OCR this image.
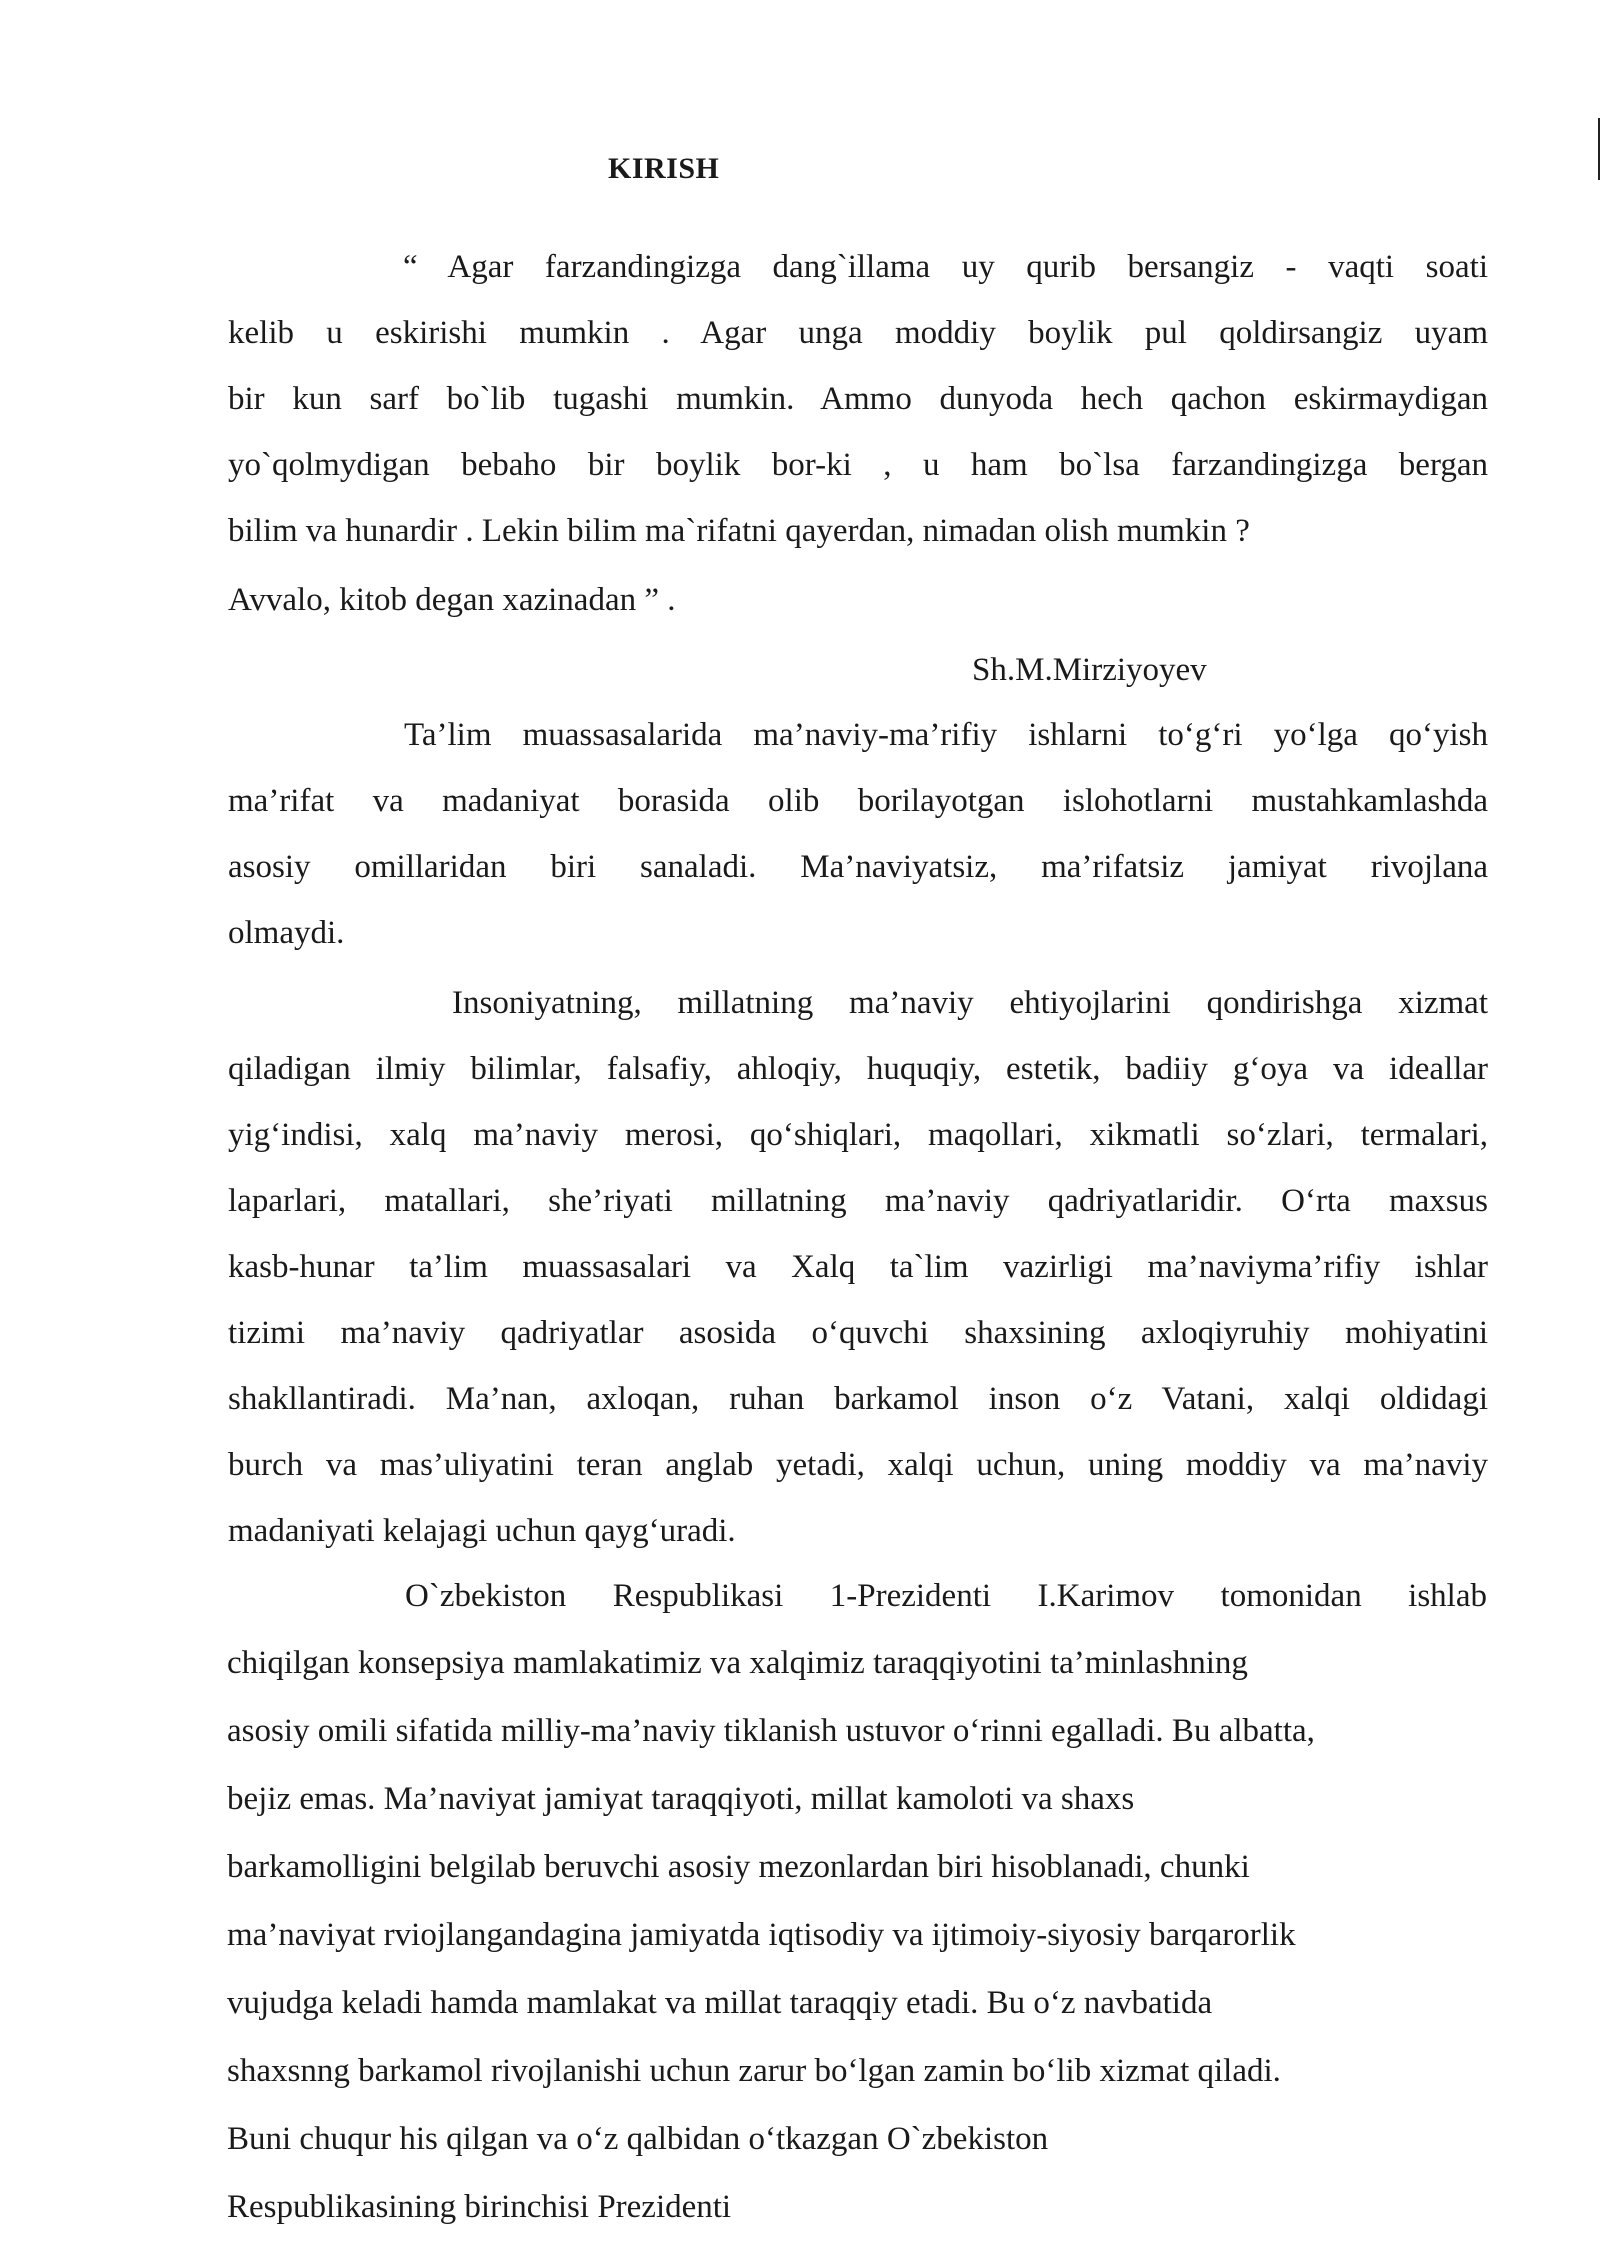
KIRISH
“ Agar farzandingizga dang`illama uy qurib bersangiz - vaqti soati
kelib u eskirishi mumkin . Agar unga moddiy boylik pul qoldirsangiz uyam
bir kun sarf bo`lib tugashi mumkin. Ammo dunyoda hech qachon eskirmaydigan
yo`qolmydigan bebaho bir boylik bor-ki , u ham bo`lsa farzandingizga bergan
bilim va hunardir . Lekin bilim ma`rifatni qayerdan, nimadan olish mumkin ?
Avvalo, kitob degan xazinadan ” .
Sh.M.Mirziyoyev
Ta’lim muassasalarida ma’naviy-ma’rifiy ishlarni to‘g‘ri yo‘lga qo‘yish
ma’rifat va madaniyat borasida olib borilayotgan islohotlarni mustahkamlashda
asosiy omillaridan biri sanaladi. Ma’naviyatsiz, ma’rifatsiz jamiyat rivojlana
olmaydi.
Insoniyatning, millatning ma’naviy ehtiyojlarini qondirishga xizmat
qiladigan ilmiy bilimlar, falsafiy, ahloqiy, huquqiy, estetik, badiiy g‘oya va ideallar
yig‘indisi, xalq ma’naviy merosi, qo‘shiqlari, maqollari, xikmatli so‘zlari, termalari,
laparlari, matallari, she’riyati millatning ma’naviy qadriyatlaridir. O‘rta maxsus
kasb-hunar ta’lim muassasalari va Xalq ta`lim vazirligi ma’naviyma’rifiy ishlar
tizimi ma’naviy qadriyatlar asosida o‘quvchi shaxsining axloqiyruhiy mohiyatini
shakllantiradi. Ma’nan, axloqan, ruhan barkamol inson o‘z Vatani, xalqi oldidagi
burch va mas’uliyatini teran anglab yetadi, xalqi uchun, uning moddiy va ma’naviy
madaniyati kelajagi uchun qayg‘uradi.
O`zbekiston Respublikasi 1-Prezidenti I.Karimov tomonidan ishlab
chiqilgan konsepsiya mamlakatimiz va xalqimiz taraqqiyotini ta’minlashning
asosiy omili sifatida milliy-ma’naviy tiklanish ustuvor o‘rinni egalladi. Bu albatta,
bejiz emas. Ma’naviyat jamiyat taraqqiyoti, millat kamoloti va shaxs
barkamolligini belgilab beruvchi asosiy mezonlardan biri hisoblanadi, chunki
ma’naviyat rviojlangandagina jamiyatda iqtisodiy va ijtimoiy-siyosiy barqarorlik
vujudga keladi hamda mamlakat va millat taraqqiy etadi. Bu o‘z navbatida
shaxsnng barkamol rivojlanishi uchun zarur bo‘lgan zamin bo‘lib xizmat qiladi.
Buni chuqur his qilgan va o‘z qalbidan o‘tkazgan O`zbekiston
Respublikasining birinchisi Prezidenti
